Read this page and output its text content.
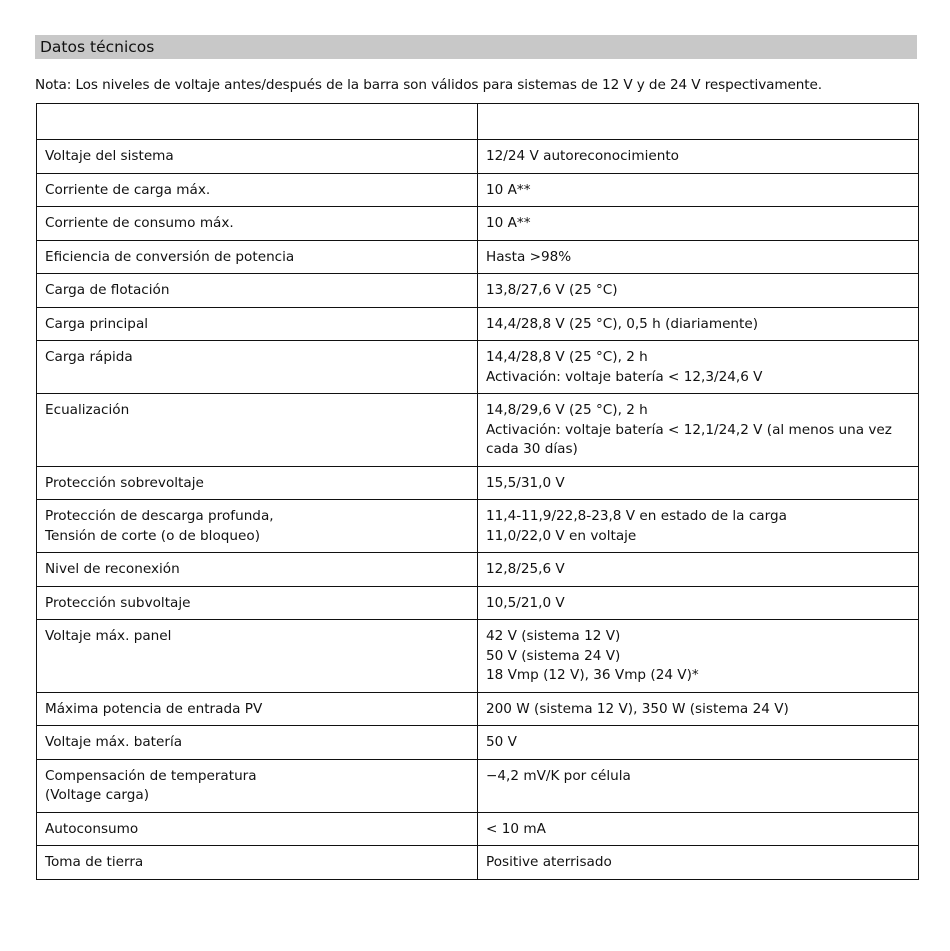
Datos técnicos
Nota: Los niveles de voltaje antes/después de la barra son válidos para sistemas de 12 V y de 24 V respectivamente.

Voltaje del sistema	12/24 V autoreconocimiento

Corriente de carga máx.	10 A**

Corriente de consumo máx.	10 A**

Eficiencia de conversión de potencia	Hasta >98%

Carga de flotación	13,8/27,6 V (25 °C)

Carga principal	14,4/28,8 V (25 °C), 0,5 h (diariamente)

Carga rápida	14,4/28,8 V (25 °C), 2 h
Activación: voltaje batería < 12,3/24,6 V

Ecualización	14,8/29,6 V (25 °C), 2 h
Activación: voltaje batería < 12,1/24,2 V (al menos una vez
cada 30 días)

Protección sobrevoltaje	15,5/31,0 V

Protección de descarga profunda,
Tensión de corte (o de bloqueo)	11,4-11,9/22,8-23,8 V en estado de la carga
11,0/22,0 V en voltaje

Nivel de reconexión	12,8/25,6 V

Protección subvoltaje	10,5/21,0 V

Voltaje máx. panel	42 V (sistema 12 V)
50 V (sistema 24 V)
18 Vmp (12 V), 36 Vmp (24 V)*

Máxima potencia de entrada PV	200 W (sistema 12 V), 350 W (sistema 24 V)

Voltaje máx. batería	50 V

Compensación de temperatura
(Voltage carga)	−4,2 mV/K por célula

Autoconsumo	< 10 mA

Toma de tierra	Positive aterrisado
